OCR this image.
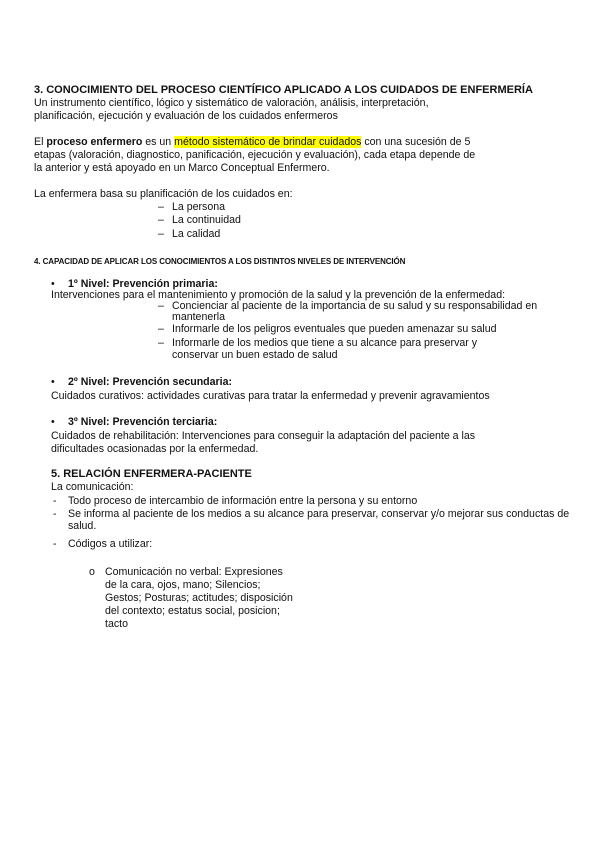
3. CONOCIMIENTO DEL PROCESO CIENTÍFICO APLICADO A LOS CUIDADOS DE ENFERMERÍA
Un instrumento científico, lógico y sistemático de valoración, análisis, interpretación,
planificación, ejecución y evaluación de los cuidados enfermeros
El proceso enfermero es un método sistemático de brindar cuidados con una sucesión de 5
etapas (valoración, diagnostico, panificación, ejecución y evaluación), cada etapa depende de
la anterior y está apoyado en un Marco Conceptual Enfermero.
La enfermera basa su planificación de los cuidados en:
– La persona
– La continuidad
– La calidad
4. CAPACIDAD DE APLICAR LOS CONOCIMIENTOS A LOS DISTINTOS NIVELES DE INTERVENCIÓN
• 1º Nivel: Prevención primaria:
Intervenciones para el mantenimiento y promoción de la salud y la prevención de la enfermedad:
– Concienciar al paciente de la importancia de su salud y su responsabilidad en
mantenerla
– Informarle de los peligros eventuales que pueden amenazar su salud
– Informarle de los medios que tiene a su alcance para preservar y
conservar un buen estado de salud
• 2º Nivel: Prevención secundaria:
Cuidados curativos: actividades curativas para tratar la enfermedad y prevenir agravamientos
• 3º Nivel: Prevención terciaria:
Cuidados de rehabilitación: Intervenciones para conseguir la adaptación del paciente a las
dificultades ocasionadas por la enfermedad.
5. RELACIÓN ENFERMERA-PACIENTE
La comunicación:
- Todo proceso de intercambio de información entre la persona y su entorno
- Se informa al paciente de los medios a su alcance para preservar, conservar y/o mejorar sus conductas de
salud.
- Códigos a utilizar:
o Comunicación no verbal: Expresiones
de la cara, ojos, mano; Silencios;
Gestos; Posturas; actitudes; disposición
del contexto; estatus social, posicion;
tacto
